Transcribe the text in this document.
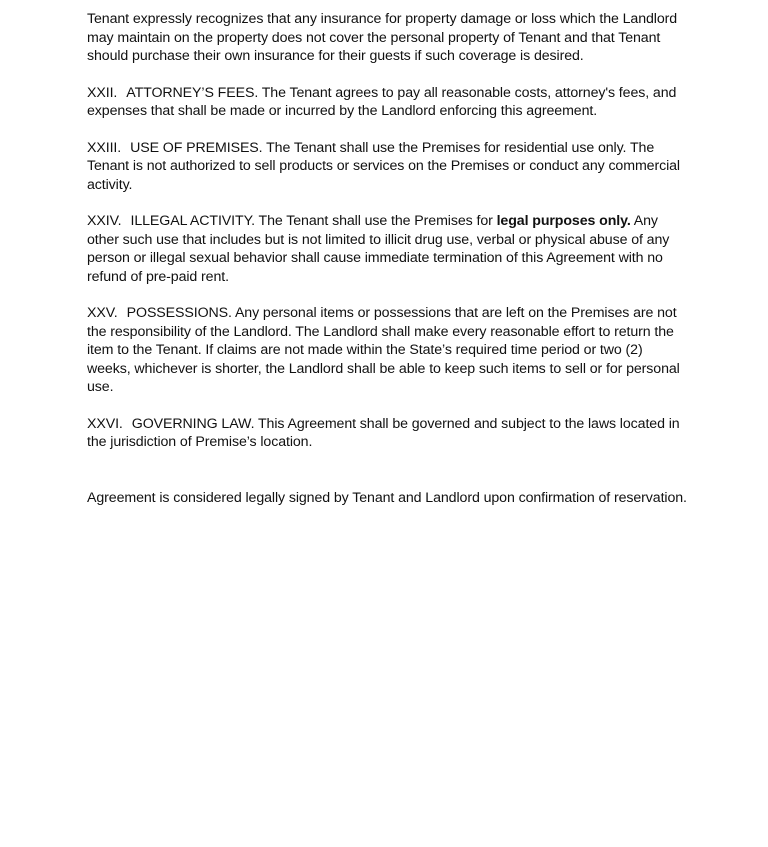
Tenant expressly recognizes that any insurance for property damage or loss which the Landlord may maintain on the property does not cover the personal property of Tenant and that Tenant should purchase their own insurance for their guests if such coverage is desired.

XXII. ATTORNEY’S FEES. The Tenant agrees to pay all reasonable costs, attorney's fees, and expenses that shall be made or incurred by the Landlord enforcing this agreement.

XXIII. USE OF PREMISES. The Tenant shall use the Premises for residential use only. The Tenant is not authorized to sell products or services on the Premises or conduct any commercial activity.

XXIV. ILLEGAL ACTIVITY. The Tenant shall use the Premises for legal purposes only. Any other such use that includes but is not limited to illicit drug use, verbal or physical abuse of any person or illegal sexual behavior shall cause immediate termination of this Agreement with no refund of pre-paid rent.

XXV. POSSESSIONS. Any personal items or possessions that are left on the Premises are not the responsibility of the Landlord. The Landlord shall make every reasonable effort to return the item to the Tenant. If claims are not made within the State’s required time period or two (2) weeks, whichever is shorter, the Landlord shall be able to keep such items to sell or for personal use.

XXVI. GOVERNING LAW. This Agreement shall be governed and subject to the laws located in the jurisdiction of Premise’s location.

Agreement is considered legally signed by Tenant and Landlord upon confirmation of reservation.
